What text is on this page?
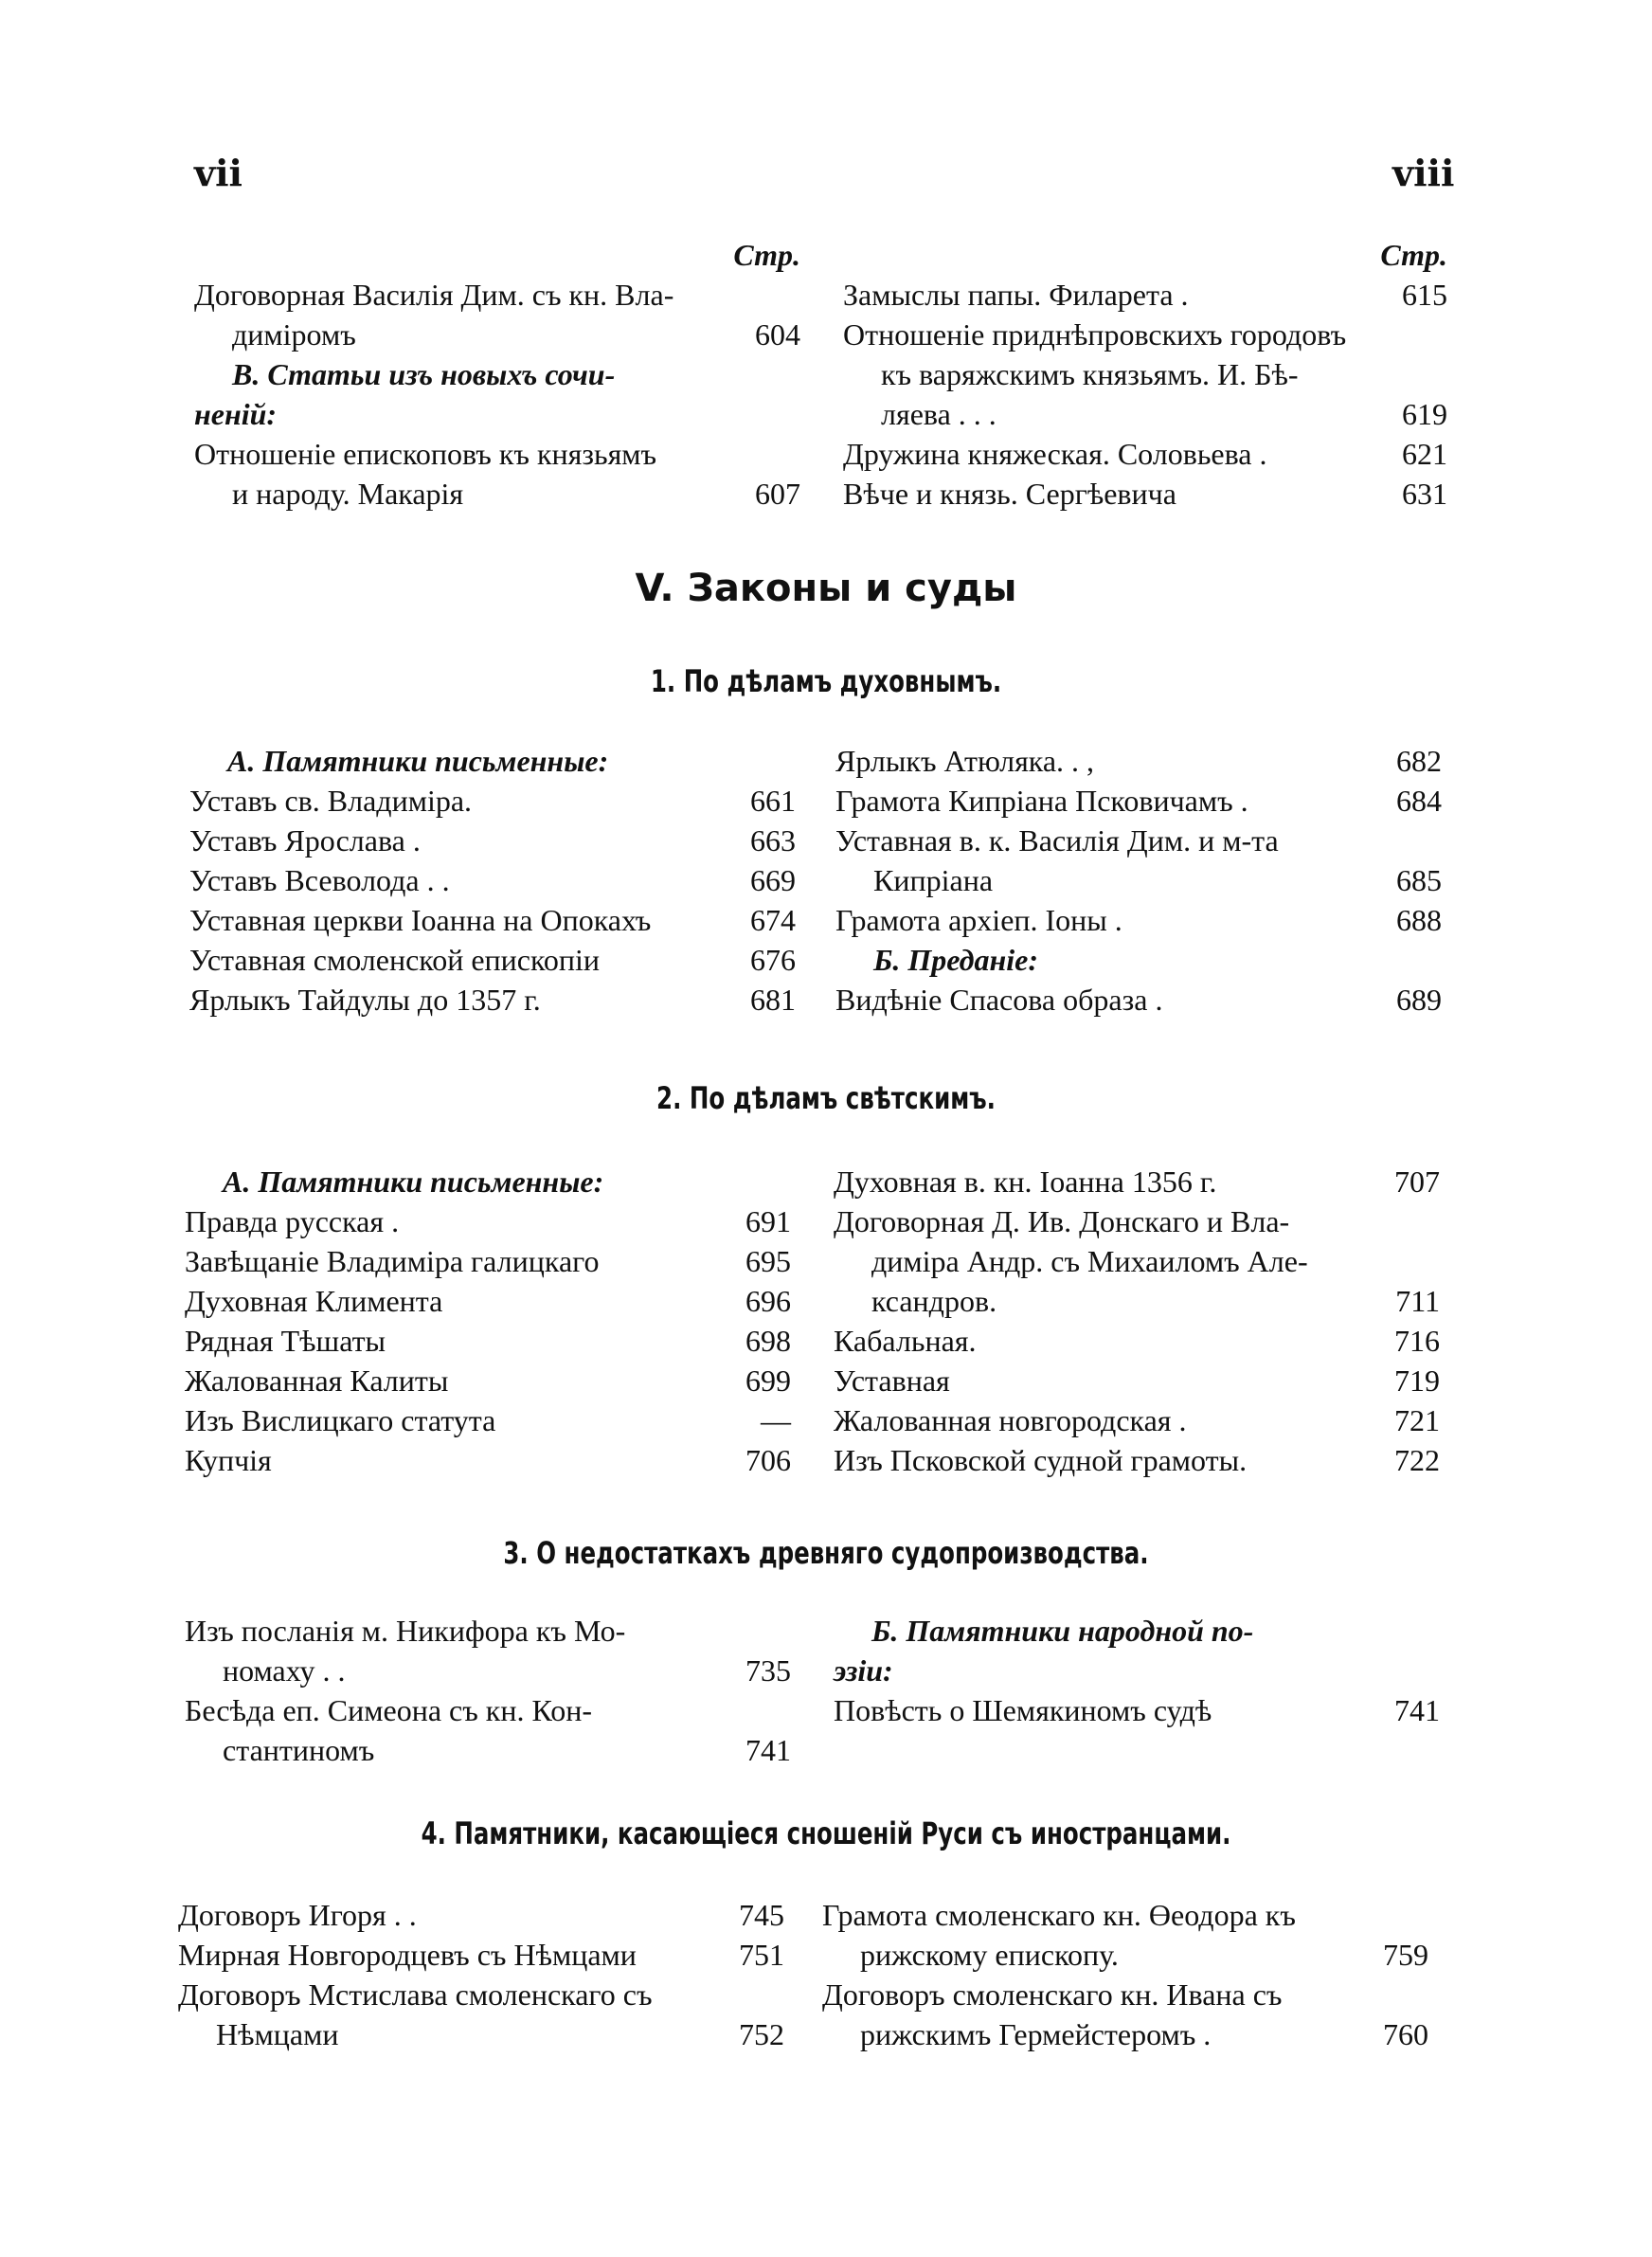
vii	viii
Стр.
Договорная Василія Дим. съ кн. Вла-
диміромъ	604
В. Статьи изъ новыхъ сочи-
неній:
Отношеніе епископовъ къ князьямъ
и народу. Макарія	607
Стр.
Замыслы папы. Филарета .	615
Отношеніе приднѣпровскихъ городовъ
къ варяжскимъ князьямъ. И. Бѣ-
ляева . . .	619
Дружина княжеская. Соловьева .	621
Вѣче и князь. Сергѣевича	631
V. Законы и суды
1. По дѣламъ духовнымъ.
А. Памятники письменные:
Уставъ св. Владиміра.	661
Уставъ Ярослава .	663
Уставъ Всеволода . .	669
Уставная церкви Іоанна на Опокахъ	674
Уставная смоленской епископіи	676
Ярлыкъ Тайдулы до 1357 г.	681
Ярлыкъ Атюляка. . ,	682
Грамота Кипріана Псковичамъ .	684
Уставная в. к. Василія Дим. и м-та
Кипріана	685
Грамота архіеп. Іоны .	688
Б. Преданіе:
Видѣніе Спасова образа .	689
2. По дѣламъ свѣтскимъ.
А. Памятники письменные:
Правда русская .	691
Завѣщаніе Владиміра галицкаго	695
Духовная Климента	696
Рядная Тѣшаты	698
Жалованная Калиты	699
Изъ Вислицкаго статута	—
Купчія	706
Духовная в. кн. Іоанна 1356 г.	707
Договорная Д. Ив. Донскаго и Вла-
диміра Андр. съ Михаиломъ Але-
ксандров.	711
Кабальная.	716
Уставная	719
Жалованная новгородская .	721
Изъ Псковской судной грамоты.	722
3. О недостаткахъ древняго судопроизводства.
Изъ посланія м. Никифора къ Мо-
номаху . .	735
Бесѣда еп. Симеона съ кн. Кон-
стантиномъ	741
Б. Памятники народной по-
эзіи:
Повѣсть о Шемякиномъ судѣ	741
4. Памятники, касающіеся сношеній Руси съ иностранцами.
Договоръ Игоря . .	745
Мирная Новгородцевъ съ Нѣмцами	751
Договоръ Мстислава смоленскаго съ
Нѣмцами	752
Грамота смоленскаго кн. Өеодора къ
рижскому епископу.	759
Договоръ смоленскаго кн. Ивана съ
рижскимъ Гермейстеромъ .	760
